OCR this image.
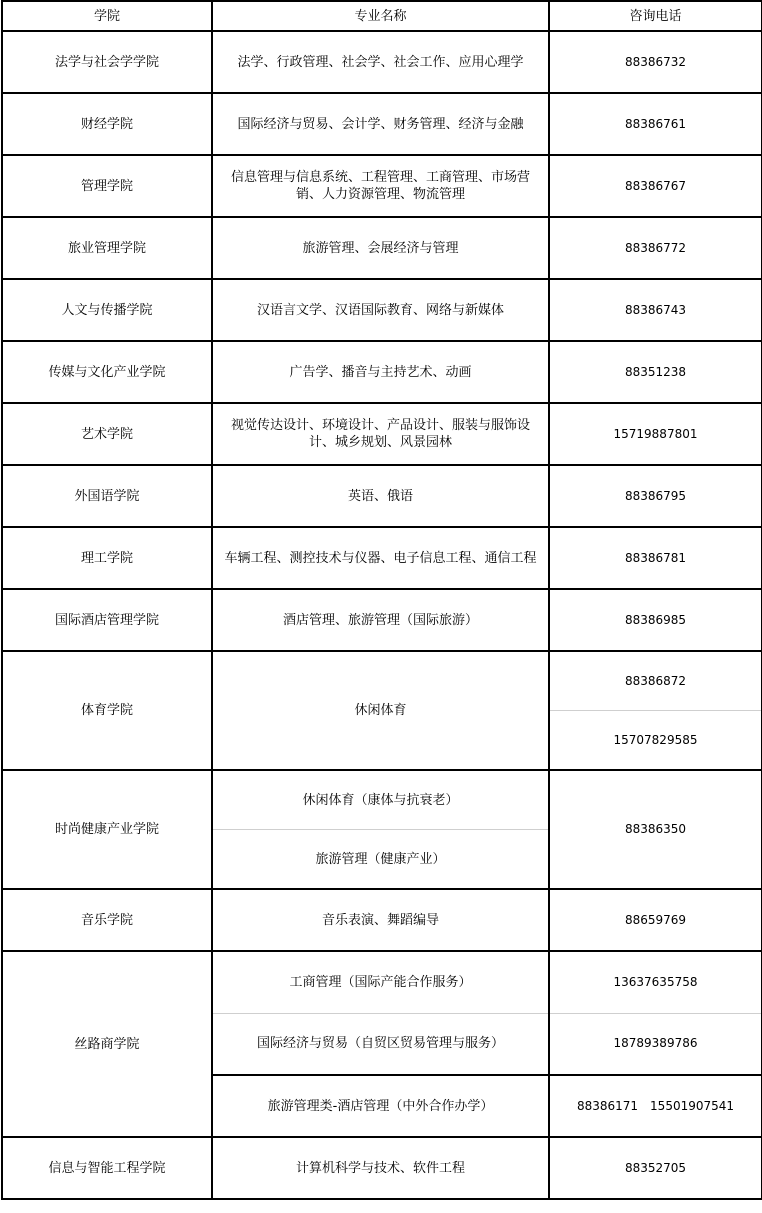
学院	专业名称	咨询电话
法学与社会学学院	法学、行政管理、社会学、社会工作、应用心理学	88386732
财经学院	国际经济与贸易、会计学、财务管理、经济与金融	88386761
管理学院	信息管理与信息系统、工程管理、工商管理、市场营销、人力资源管理、物流管理	88386767
旅业管理学院	旅游管理、会展经济与管理	88386772
人文与传播学院	汉语言文学、汉语国际教育、网络与新媒体	88386743
传媒与文化产业学院	广告学、播音与主持艺术、动画	88351238
艺术学院	视觉传达设计、环境设计、产品设计、服装与服饰设计、城乡规划、风景园林	15719887801
外国语学院	英语、俄语	88386795
理工学院	车辆工程、测控技术与仪器、电子信息工程、通信工程	88386781
国际酒店管理学院	酒店管理、旅游管理（国际旅游）	88386985
体育学院	休闲体育	88386872
		15707829585
时尚健康产业学院	休闲体育（康体与抗衰老）	88386350
	旅游管理（健康产业）	
音乐学院	音乐表演、舞蹈编导	88659769
丝路商学院	工商管理（国际产能合作服务）	13637635758
	国际经济与贸易（自贸区贸易管理与服务）	18789389786
	旅游管理类-酒店管理（中外合作办学）	88386171 15501907541
信息与智能工程学院	计算机科学与技术、软件工程	88352705
